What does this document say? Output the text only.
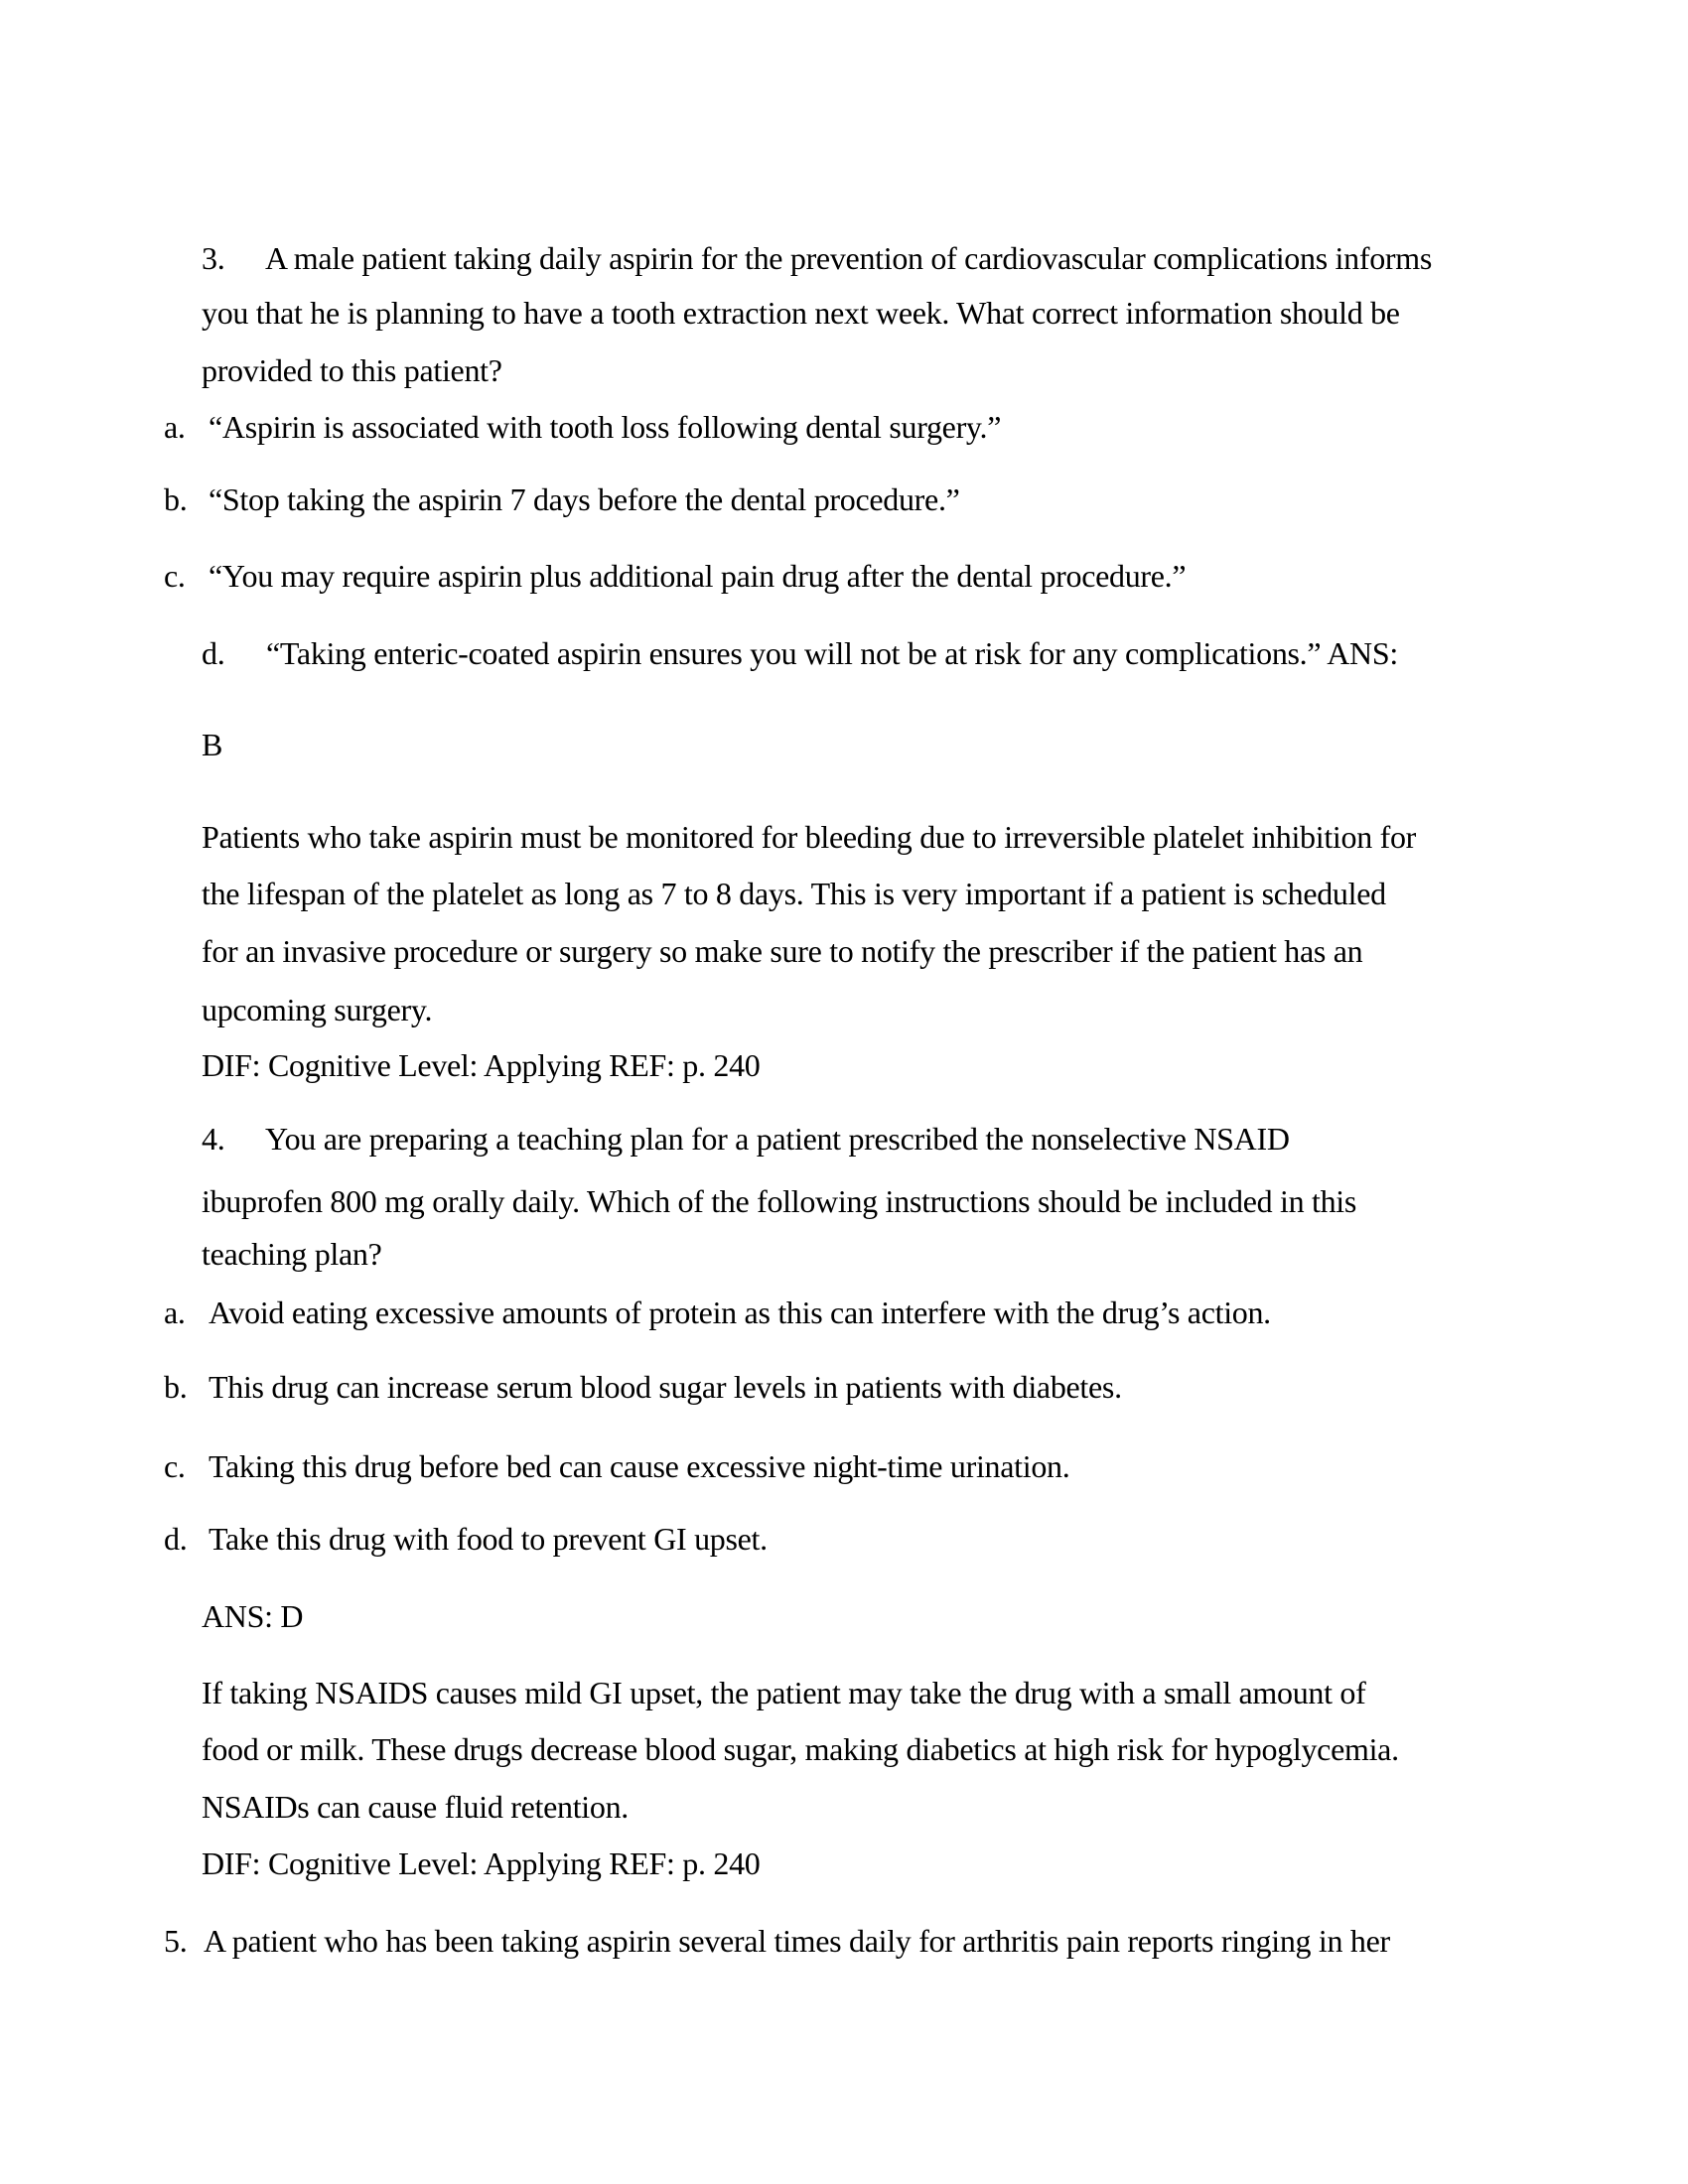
3. A male patient taking daily aspirin for the prevention of cardiovascular complications informs
you that he is planning to have a tooth extraction next week. What correct information should be
provided to this patient?
a. “Aspirin is associated with tooth loss following dental surgery.”
b. “Stop taking the aspirin 7 days before the dental procedure.”
c. “You may require aspirin plus additional pain drug after the dental procedure.”
d. “Taking enteric-coated aspirin ensures you will not be at risk for any complications.” ANS:
B
Patients who take aspirin must be monitored for bleeding due to irreversible platelet inhibition for
the lifespan of the platelet as long as 7 to 8 days. This is very important if a patient is scheduled
for an invasive procedure or surgery so make sure to notify the prescriber if the patient has an
upcoming surgery.
DIF: Cognitive Level: Applying REF: p. 240
4. You are preparing a teaching plan for a patient prescribed the nonselective NSAID
ibuprofen 800 mg orally daily. Which of the following instructions should be included in this
teaching plan?
a. Avoid eating excessive amounts of protein as this can interfere with the drug’s action.
b. This drug can increase serum blood sugar levels in patients with diabetes.
c. Taking this drug before bed can cause excessive night-time urination.
d. Take this drug with food to prevent GI upset.
ANS: D
If taking NSAIDS causes mild GI upset, the patient may take the drug with a small amount of
food or milk. These drugs decrease blood sugar, making diabetics at high risk for hypoglycemia.
NSAIDs can cause fluid retention.
DIF: Cognitive Level: Applying REF: p. 240
5. A patient who has been taking aspirin several times daily for arthritis pain reports ringing in her
